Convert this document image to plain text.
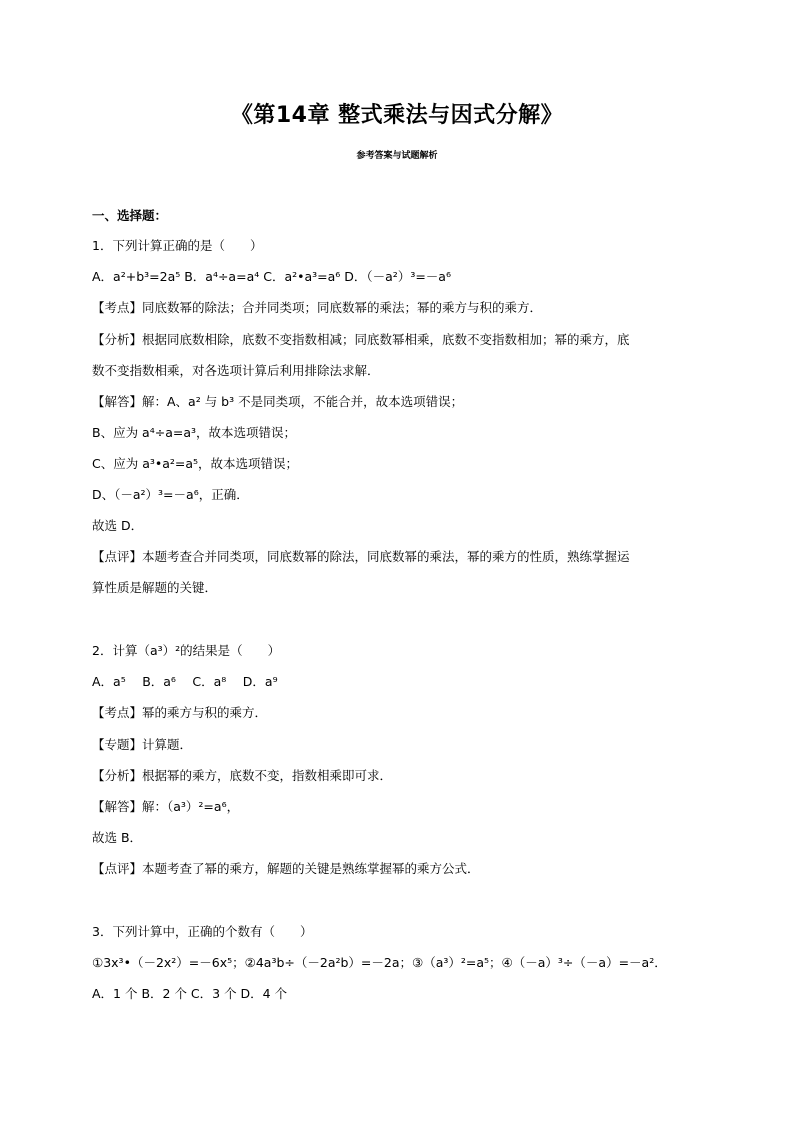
《第14章 整式乘法与因式分解》
参考答案与试题解析
一、选择题：
1．下列计算正确的是（　　）
A．a²+b³=2a⁵ B．a⁴÷a=a⁴ C．a²•a³=a⁶ D．（－a²）³=－a⁶
【考点】同底数幂的除法；合并同类项；同底数幂的乘法；幂的乘方与积的乘方．
【分析】根据同底数相除，底数不变指数相减；同底数幂相乘，底数不变指数相加；幂的乘方，底
数不变指数相乘，对各选项计算后利用排除法求解．
【解答】解：A、a² 与 b³ 不是同类项，不能合并，故本选项错误；
B、应为 a⁴÷a=a³，故本选项错误；
C、应为 a³•a²=a⁵，故本选项错误；
D、（－a²）³=－a⁶，正确．
故选 D．
【点评】本题考查合并同类项，同底数幂的除法，同底数幂的乘法，幂的乘方的性质，熟练掌握运
算性质是解题的关键．
2．计算（a³）²的结果是（　　）
A．a⁵　 B．a⁶　 C．a⁸　 D．a⁹
【考点】幂的乘方与积的乘方．
【专题】计算题．
【分析】根据幂的乘方，底数不变，指数相乘即可求．
【解答】解：（a³）²=a⁶，
故选 B．
【点评】本题考查了幂的乘方，解题的关键是熟练掌握幂的乘方公式．
3．下列计算中，正确的个数有（　　）
①3x³•（－2x²）=－6x⁵；②4a³b÷（－2a²b）=－2a；③（a³）²=a⁵；④（－a）³÷（－a）=－a²．
A．1 个 B．2 个 C．3 个 D．4 个
